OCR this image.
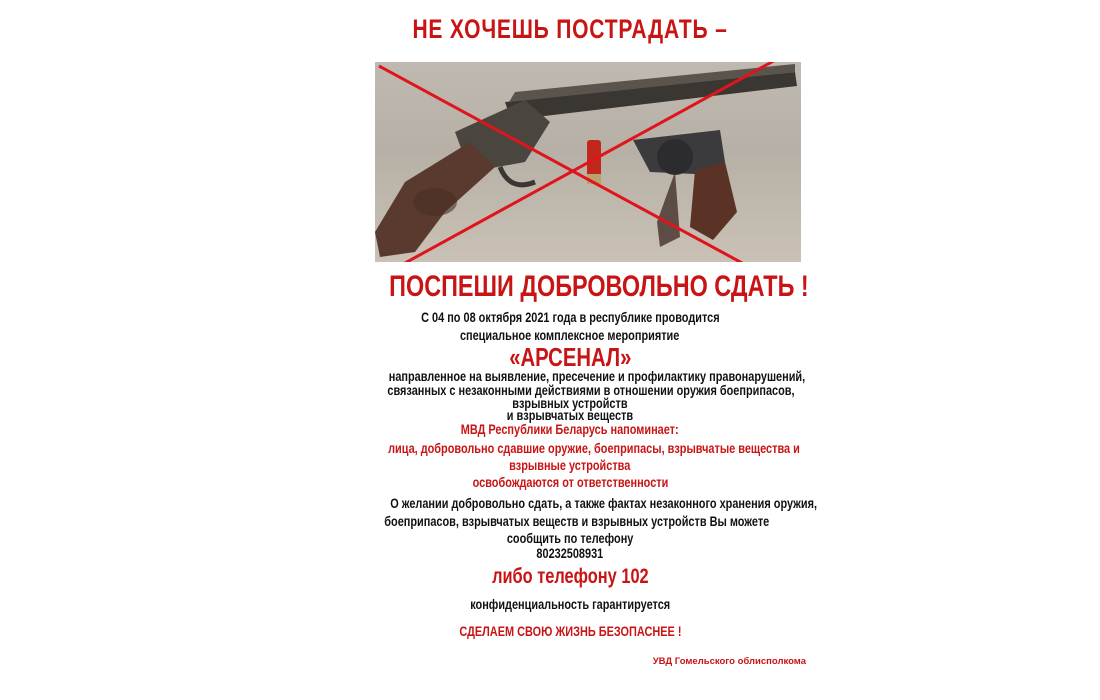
НЕ ХОЧЕШЬ ПОСТРАДАТЬ –
ПОСПЕШИ ДОБРОВОЛЬНО СДАТЬ !
С 04 по 08 октября 2021 года в республике проводится
специальное комплексное мероприятие
«АРСЕНАЛ»
направленное на выявление, пресечение и профилактику правонарушений,
связанных с незаконными действиями в отношении оружия боеприпасов,
взрывных устройств
и взрывчатых веществ
МВД Республики Беларусь напоминает:
лица, добровольно сдавшие оружие, боеприпасы, взрывчатые вещества и
взрывные устройства
освобождаются от ответственности
О желании добровольно сдать, а также фактах незаконного хранения оружия,
боеприпасов, взрывчатых веществ и взрывных устройств Вы можете
сообщить по телефону
80232508931
либо телефону 102
конфиденциальность гарантируется
СДЕЛАЕМ СВОЮ ЖИЗНЬ БЕЗОПАСНЕЕ !
УВД Гомельского облисполкома
